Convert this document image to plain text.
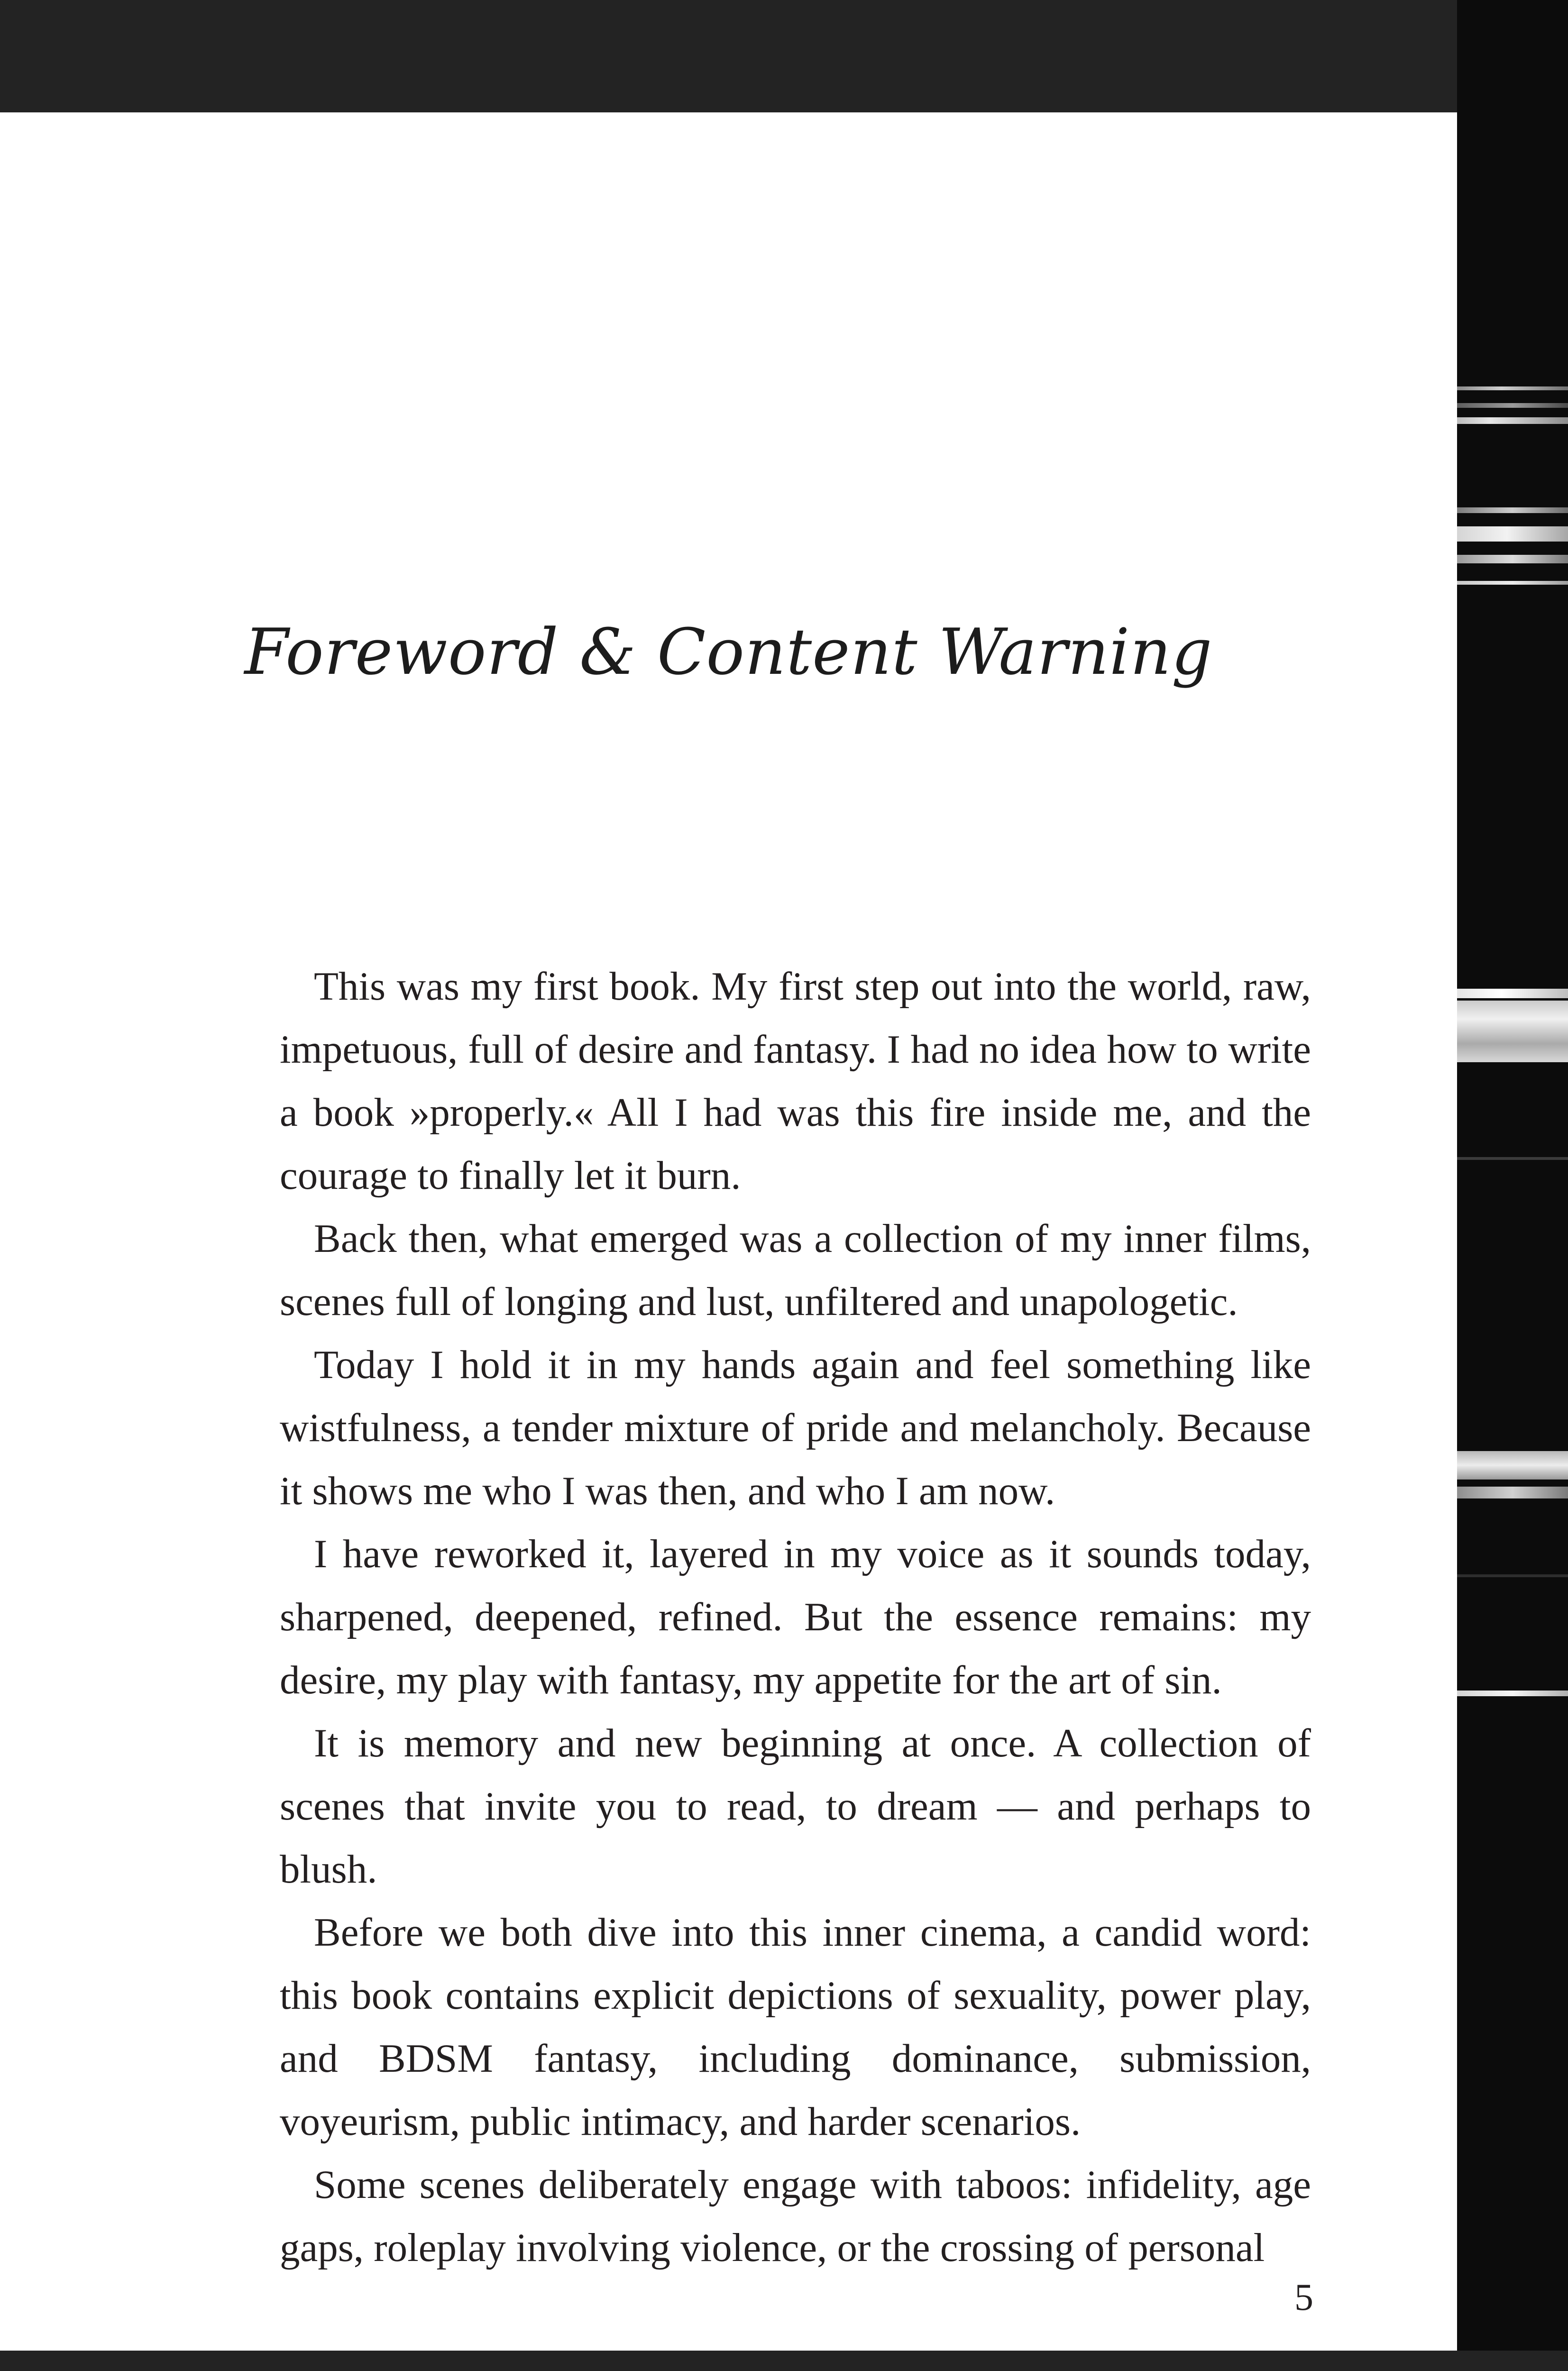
Foreword & Content Warning

This was my first book. My first step out into the world, raw, impetuous, full of desire and fantasy. I had no idea how to write a book »properly.« All I had was this fire inside me, and the courage to finally let it burn.

Back then, what emerged was a collection of my inner films, scenes full of longing and lust, unfiltered and unapologetic.

Today I hold it in my hands again and feel something like wistfulness, a tender mixture of pride and melancholy. Because it shows me who I was then, and who I am now.

I have reworked it, layered in my voice as it sounds today, sharpened, deepened, refined. But the essence remains: my desire, my play with fantasy, my appetite for the art of sin.

It is memory and new beginning at once. A collection of scenes that invite you to read, to dream — and perhaps to blush.

Before we both dive into this inner cinema, a candid word: this book contains explicit depictions of sexuality, power play, and BDSM fantasy, including dominance, submission, voyeurism, public intimacy, and harder scenarios.

Some scenes deliberately engage with taboos: infidelity, age gaps, roleplay involving violence, or the crossing of personal

5
